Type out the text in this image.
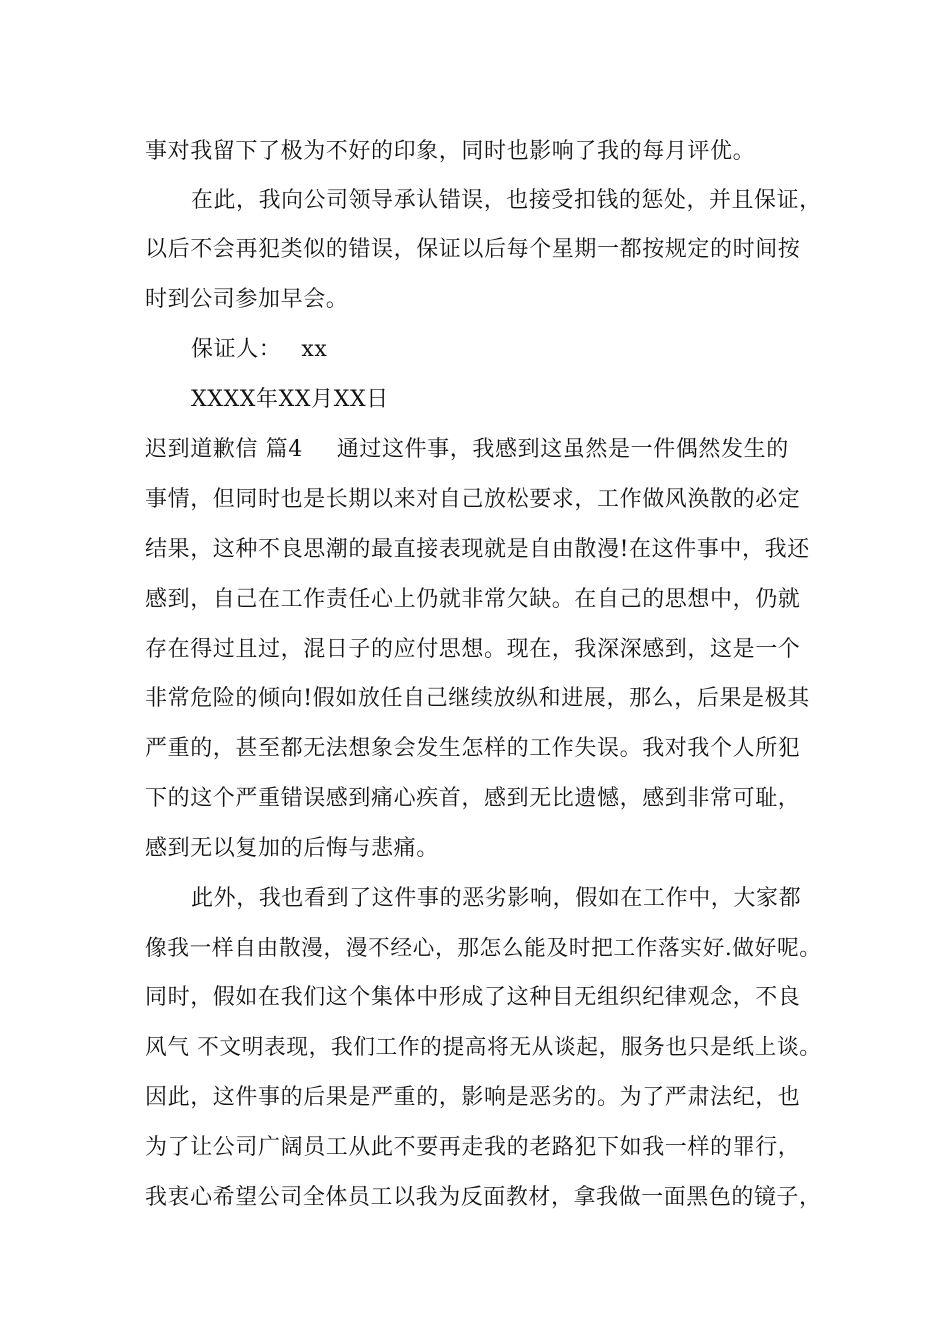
事对我留下了极为不好的印象，同时也影响了我的每月评优。
在此，我向公司领导承认错误，也接受扣钱的惩处，并且保证，
以后不会再犯类似的错误，保证以后每个星期一都按规定的时间按
时到公司参加早会。
保证人： xx
XXXX年XX月XX日
迟到道歉信 篇4 通过这件事，我感到这虽然是一件偶然发生的
事情，但同时也是长期以来对自己放松要求，工作做风涣散的必定
结果，这种不良思潮的最直接表现就是自由散漫!在这件事中，我还
感到，自己在工作责任心上仍就非常欠缺。在自己的思想中，仍就
存在得过且过，混日子的应付思想。现在，我深深感到，这是一个
非常危险的倾向!假如放任自己继续放纵和进展，那么，后果是极其
严重的，甚至都无法想象会发生怎样的工作失误。我对我个人所犯
下的这个严重错误感到痛心疾首，感到无比遗憾，感到非常可耻，
感到无以复加的后悔与悲痛。
此外，我也看到了这件事的恶劣影响，假如在工作中，大家都
像我一样自由散漫，漫不经心，那怎么能及时把工作落实好.做好呢。
同时，假如在我们这个集体中形成了这种目无组织纪律观念，不良
风气 不文明表现，我们工作的提高将无从谈起，服务也只是纸上谈。
因此，这件事的后果是严重的，影响是恶劣的。为了严肃法纪，也
为了让公司广阔员工从此不要再走我的老路犯下如我一样的罪行，
我衷心希望公司全体员工以我为反面教材，拿我做一面黑色的镜子，
